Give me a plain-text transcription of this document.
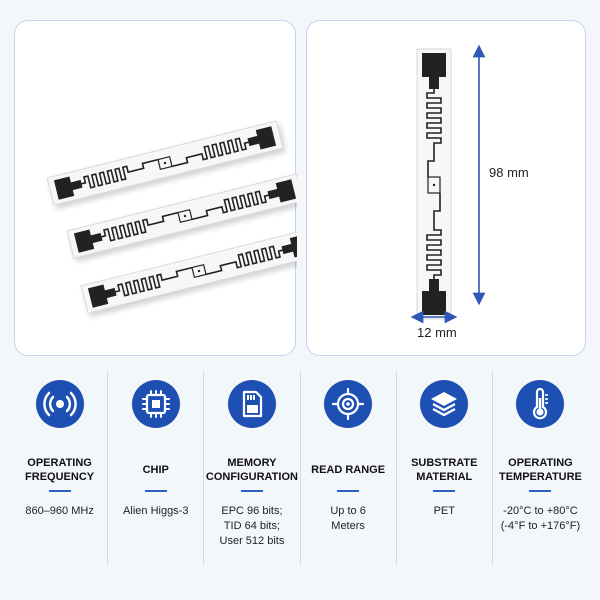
98 mm
12 mm
OPERATING
FREQUENCY
860–960 MHz
CHIP
Alien Higgs-3
MEMORY
CONFIGURATION
EPC 96 bits;
TID 64 bits;
User 512 bits
READ RANGE
Up to 6
Meters
SUBSTRATE
MATERIAL
PET
OPERATING
TEMPERATURE
-20°C to +80°C
(-4°F to +176°F)
